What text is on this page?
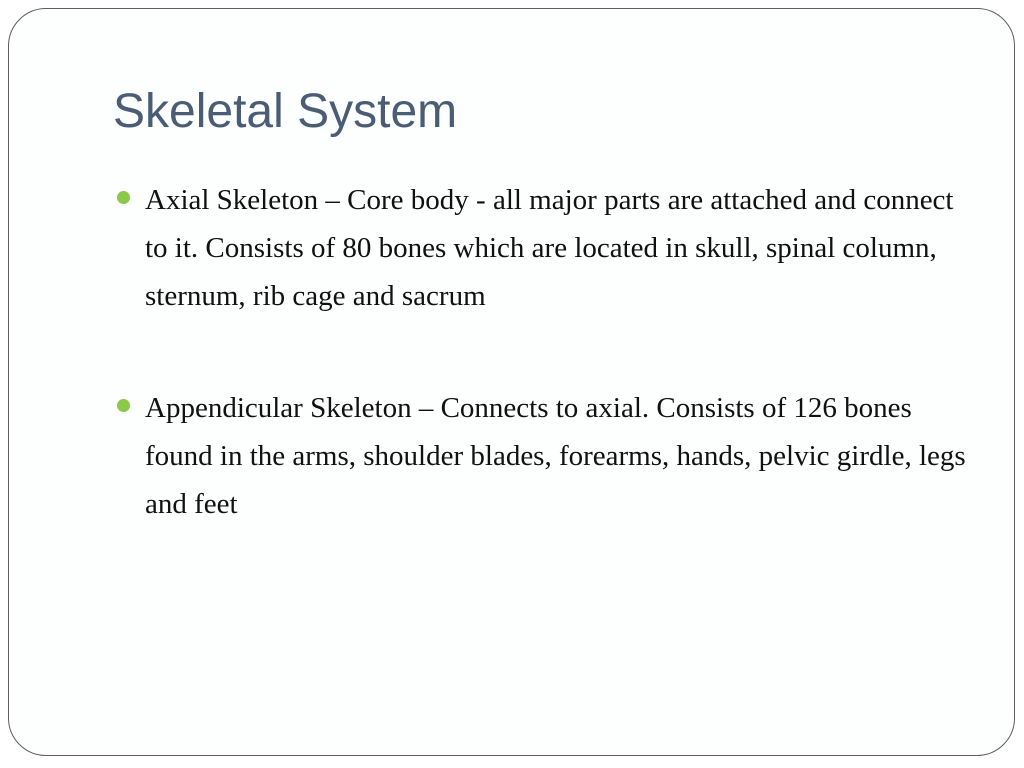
Skeletal System
Axial Skeleton – Core body - all major parts are attached and connect to it. Consists of 80 bones which are located in skull, spinal column, sternum, rib cage and sacrum
Appendicular Skeleton – Connects to axial. Consists of 126 bones found in the arms, shoulder blades, forearms, hands, pelvic girdle, legs and feet
